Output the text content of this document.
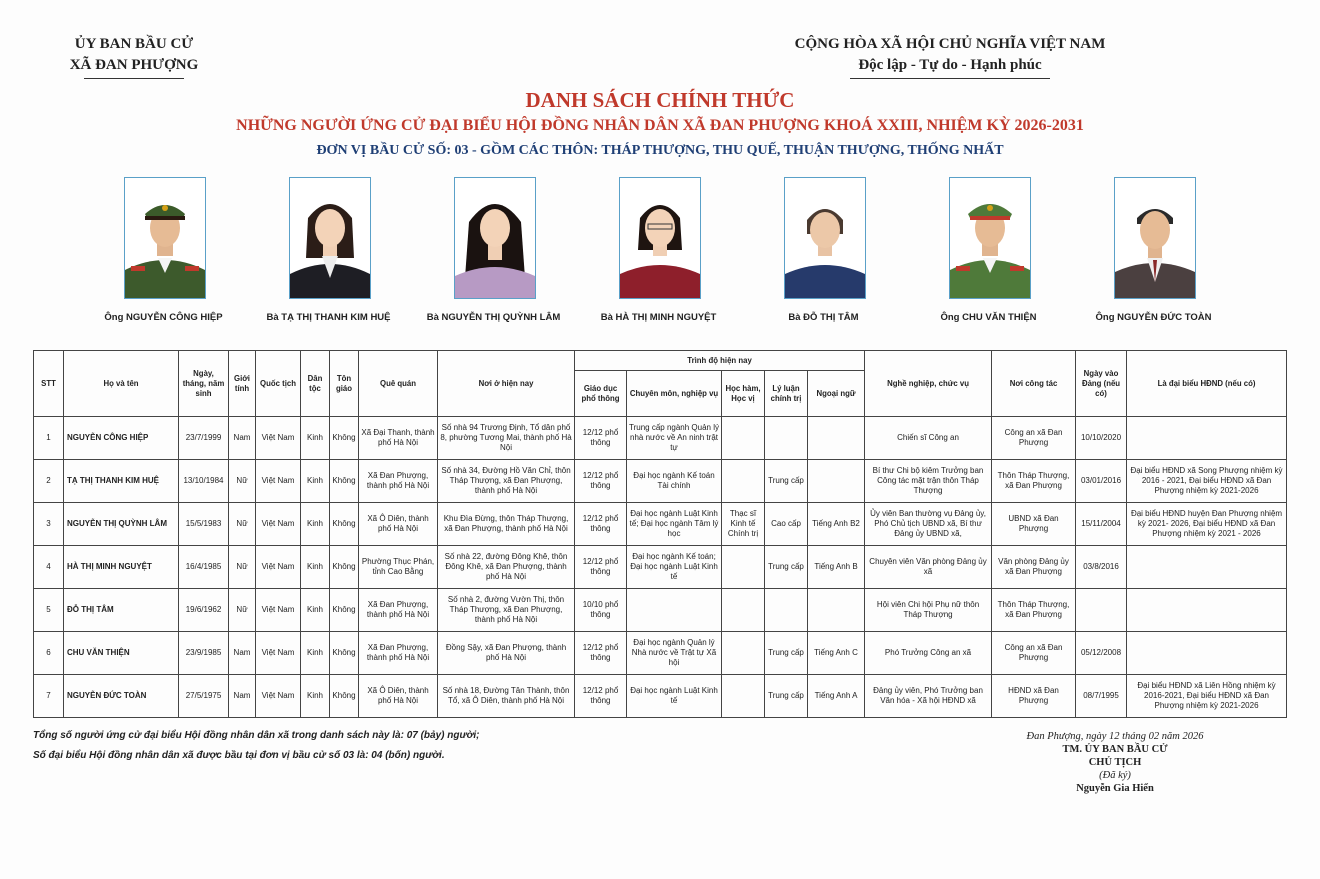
ỦY BAN BẦU CỬ
XÃ ĐAN PHƯỢNG
CỘNG HÒA XÃ HỘI CHỦ NGHĨA VIỆT NAM
Độc lập - Tự do - Hạnh phúc
DANH SÁCH CHÍNH THỨC
NHỮNG NGƯỜI ỨNG CỬ ĐẠI BIỂU HỘI ĐỒNG NHÂN DÂN XÃ ĐAN PHƯỢNG KHOÁ XXIII, NHIỆM KỲ 2026-2031
ĐƠN VỊ BẦU CỬ SỐ: 03 - GỒM CÁC THÔN: THÁP THƯỢNG, THU QUẾ, THUẬN THƯỢNG, THỐNG NHẤT
Ông NGUYỄN CÔNG HIỆP	Bà TẠ THỊ THANH KIM HUỆ	Bà NGUYỄN THỊ QUỲNH LÂM	Bà HÀ THỊ MINH NGUYỆT	Bà ĐỖ THỊ TÂM	Ông CHU VĂN THIỆN	Ông NGUYỄN ĐỨC TOÀN
STT	Họ và tên	Ngày, tháng, năm sinh	Giới tính	Quốc tịch	Dân tộc	Tôn giáo	Quê quán	Nơi ở hiện nay	Trình độ hiện nay					Nghề nghiệp, chức vụ	Nơi công tác	Ngày vào Đảng (nếu có)	Là đại biểu HĐND (nếu có)
									Giáo dục phổ thông	Chuyên môn, nghiệp vụ	Học hàm, Học vị	Lý luận chính trị	Ngoại ngữ				
1	NGUYỄN CÔNG HIỆP	23/7/1999	Nam	Việt Nam	Kinh	Không	Xã Đại Thanh, thành phố Hà Nội	Số nhà 94 Trương Định, Tổ dân phố 8, phường Tương Mai, thành phố Hà Nội	12/12 phổ thông	Trung cấp ngành Quản lý nhà nước về An ninh trật tự				Chiến sĩ Công an	Công an xã Đan Phượng	10/10/2020	
2	TẠ THỊ THANH KIM HUỆ	13/10/1984	Nữ	Việt Nam	Kinh	Không	Xã Đan Phượng, thành phố Hà Nội	Số nhà 34, Đường Hồ Văn Chỉ, thôn Tháp Thượng, xã Đan Phượng, thành phố Hà Nội	12/12 phổ thông	Đại học ngành Kế toán Tài chính		Trung cấp		Bí thư Chi bộ kiêm Trưởng ban Công tác mặt trận thôn Tháp Thượng	Thôn Tháp Thượng, xã Đan Phượng	03/01/2016	Đại biểu HĐND xã Song Phượng nhiệm kỳ 2016 - 2021, Đại biểu HĐND xã Đan Phượng nhiệm kỳ 2021-2026
3	NGUYỄN THỊ QUỲNH LÂM	15/5/1983	Nữ	Việt Nam	Kinh	Không	Xã Ô Diên, thành phố Hà Nội	Khu Đìa Đừng, thôn Tháp Thượng, xã Đan Phượng, thành phố Hà Nội	12/12 phổ thông	Đại học ngành Luật Kinh tế; Đại học ngành Tâm lý học	Thạc sĩ Kinh tế Chính trị	Cao cấp	Tiếng Anh B2	Ủy viên Ban thường vụ Đảng ủy, Phó Chủ tịch UBND xã, Bí thư Đảng ủy UBND xã,	UBND xã Đan Phượng	15/11/2004	Đại biểu HĐND huyện Đan Phượng nhiệm kỳ 2021- 2026, Đại biểu HĐND xã Đan Phượng nhiệm kỳ 2021 - 2026
4	HÀ THỊ MINH NGUYỆT	16/4/1985	Nữ	Việt Nam	Kinh	Không	Phường Thục Phán, tỉnh Cao Bằng	Số nhà 22, đường Đông Khê, thôn Đông Khê, xã Đan Phượng, thành phố Hà Nội	12/12 phổ thông	Đại học ngành Kế toán; Đại học ngành Luật Kinh tế		Trung cấp	Tiếng Anh B	Chuyên viên Văn phòng Đảng ủy xã	Văn phòng Đảng ủy xã Đan Phượng	03/8/2016	
5	ĐỖ THỊ TÂM	19/6/1962	Nữ	Việt Nam	Kinh	Không	Xã Đan Phượng, thành phố Hà Nội	Số nhà 2, đường Vườn Thị, thôn Tháp Thượng, xã Đan Phượng, thành phố Hà Nội	10/10 phổ thông					Hội viên Chi hội Phụ nữ thôn Tháp Thượng	Thôn Tháp Thượng, xã Đan Phượng		
6	CHU VĂN THIỆN	23/9/1985	Nam	Việt Nam	Kinh	Không	Xã Đan Phượng, thành phố Hà Nội	Đồng Sậy, xã Đan Phượng, thành phố Hà Nội	12/12 phổ thông	Đại học ngành Quản lý Nhà nước về Trật tự Xã hội		Trung cấp	Tiếng Anh C	Phó Trưởng Công an xã	Công an xã Đan Phượng	05/12/2008	
7	NGUYỄN ĐỨC TOÀN	27/5/1975	Nam	Việt Nam	Kinh	Không	Xã Ô Diên, thành phố Hà Nội	Số nhà 18, Đường Tân Thành, thôn Tổ, xã Ô Diên, thành phố Hà Nội	12/12 phổ thông	Đại học ngành Luật Kinh tế		Trung cấp	Tiếng Anh A	Đảng ủy viên, Phó Trưởng ban Văn hóa - Xã hội HĐND xã	HĐND xã Đan Phượng	08/7/1995	Đại biểu HĐND xã Liên Hồng nhiệm kỳ 2016-2021, Đại biểu HĐND xã Đan Phượng nhiệm kỳ 2021-2026
Tổng số người ứng cử đại biểu Hội đồng nhân dân xã trong danh sách này là: 07 (bảy) người;
Số đại biểu Hội đồng nhân dân xã được bầu tại đơn vị bầu cử số 03 là: 04 (bốn) người.
Đan Phượng, ngày 12 tháng 02 năm 2026
TM. ỦY BAN BẦU CỬ
CHỦ TỊCH
(Đã ký)
Nguyễn Gia Hiển
